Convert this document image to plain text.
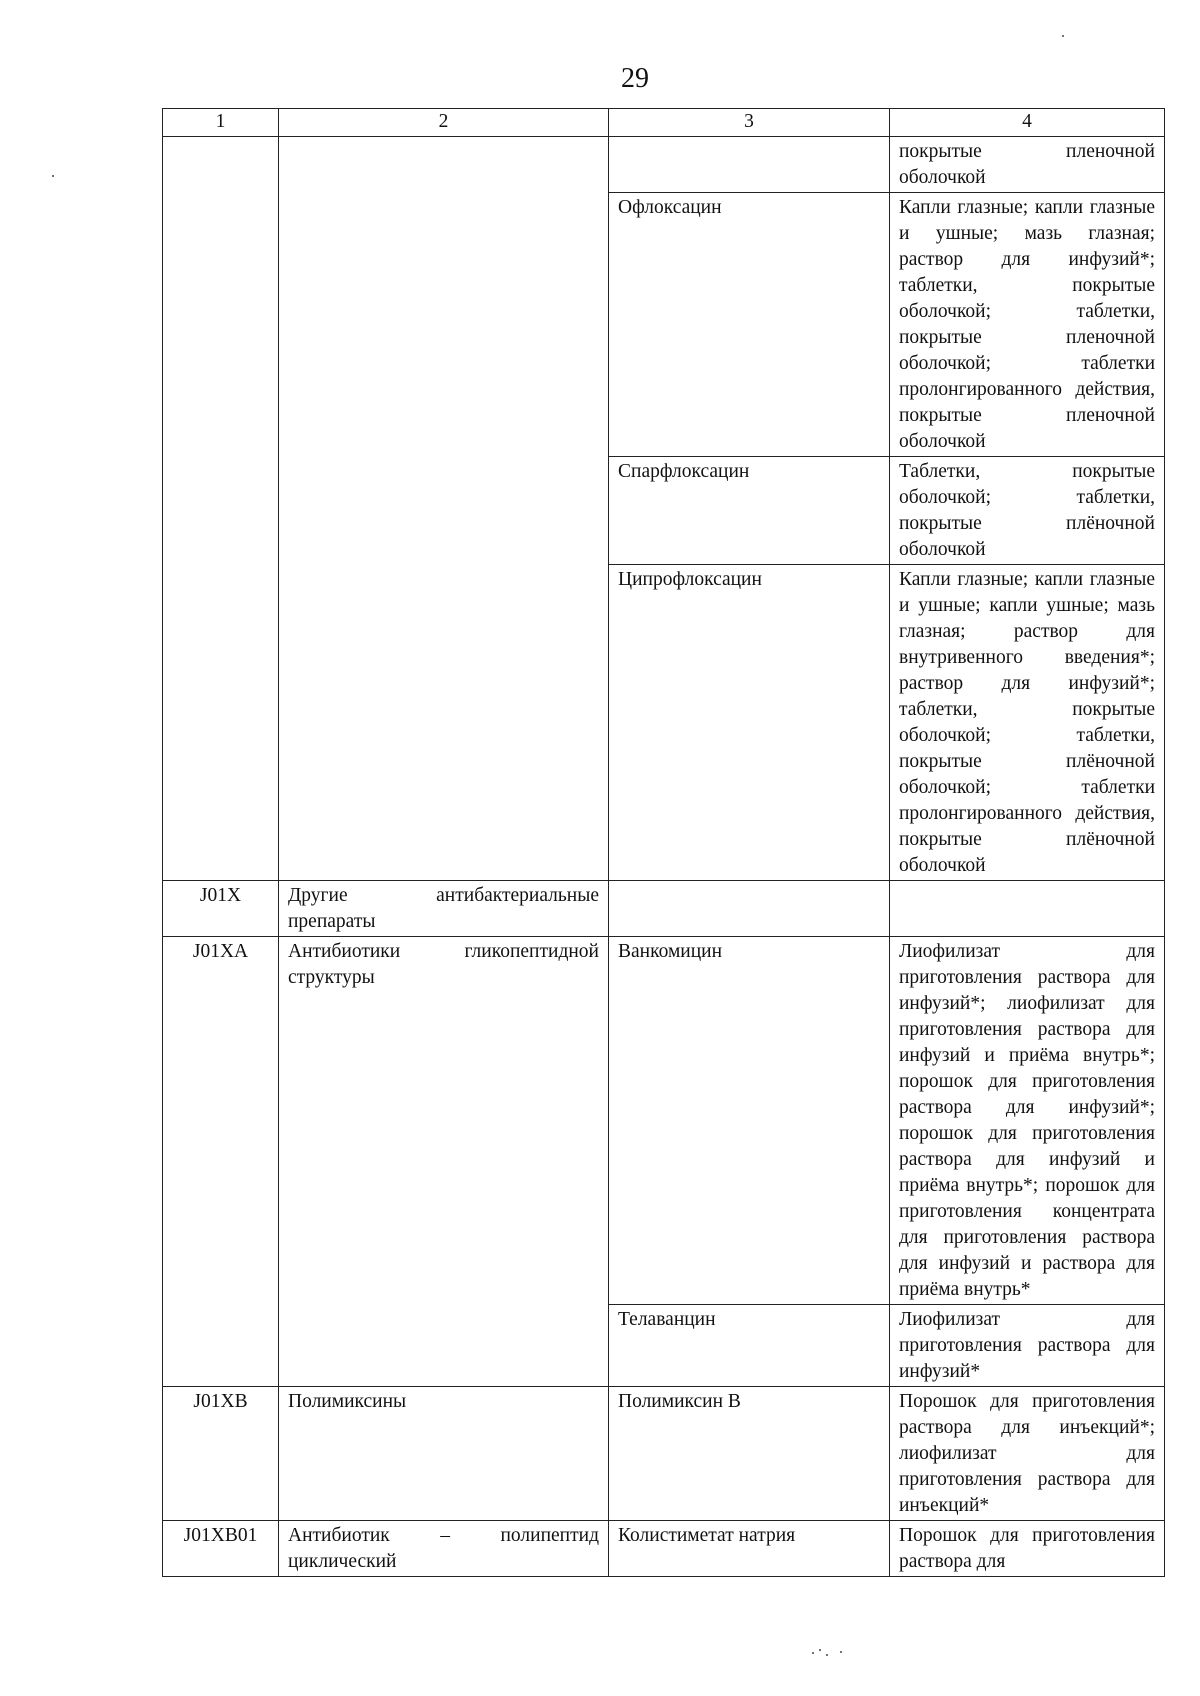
29
1	2	3	4
			покрытые пленочной оболочкой
		Офлоксацин	Капли глазные; капли глазные и ушные; мазь глазная; раствор для инфузий*; таблетки, покрытые оболочкой; таблетки, покрытые пленочной оболочкой; таблетки пролонгированного действия, покрытые пленочной оболочкой
		Спарфлоксацин	Таблетки, покрытые оболочкой; таблетки, покрытые плёночной оболочкой
		Ципрофлоксацин	Капли глазные; капли глазные и ушные; капли ушные; мазь глазная; раствор для внутривенного введения*; раствор для инфузий*; таблетки, покрытые оболочкой; таблетки, покрытые плёночной оболочкой; таблетки пролонгированного действия, покрытые плёночной оболочкой
J01X	Другие антибактериальные препараты		
J01XA	Антибиотики гликопептидной структуры	Ванкомицин	Лиофилизат для приготовления раствора для инфузий*; лиофилизат для приготовления раствора для инфузий и приёма внутрь*; порошок для приготовления раствора для инфузий*; порошок для приготовления раствора для инфузий и приёма внутрь*; порошок для приготовления концентрата для приготовления раствора для инфузий и раствора для приёма внутрь*
		Телаванцин	Лиофилизат для приготовления раствора для инфузий*
J01XB	Полимиксины	Полимиксин В	Порошок для приготовления раствора для инъекций*; лиофилизат для приготовления раствора для инъекций*
J01XB01	Антибиотик – полипептид циклический	Колистиметат натрия	Порошок для приготовления раствора для
